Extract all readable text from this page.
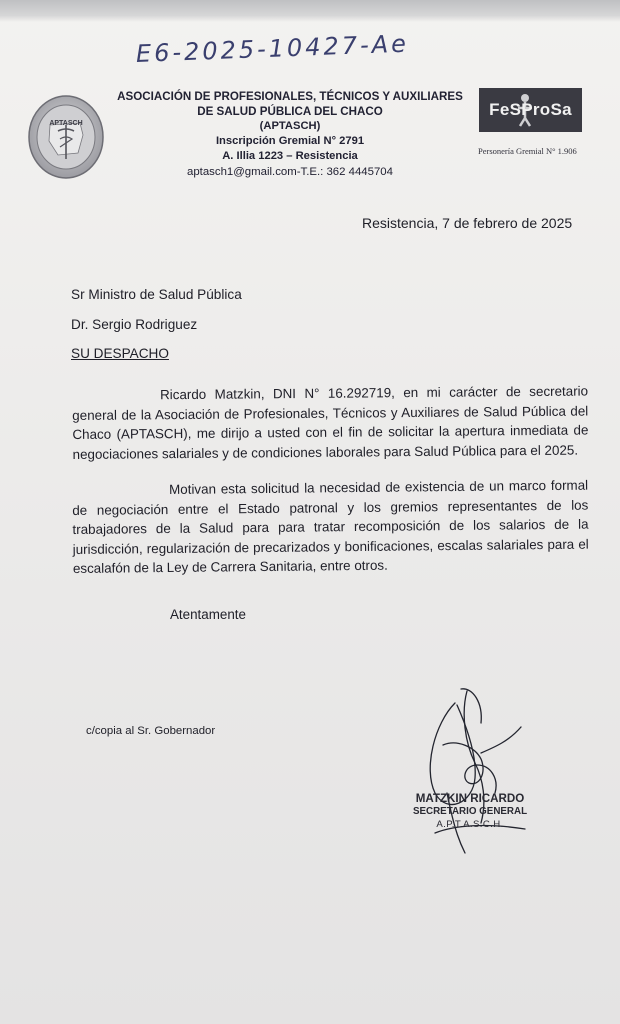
E6-2025-10427-Ae
APTASCH
ASOCIACIÓN DE PROFESIONALES, TÉCNICOS Y AUXILIARES
DE SALUD PÚBLICA DEL CHACO
(APTASCH)
Inscripción Gremial N° 2791
A. Illia 1223 – Resistencia
aptasch1@gmail.com-T.E.: 362 4445704
FeSProSa
Personería Gremial N° 1.906
Resistencia, 7 de febrero de 2025
Sr Ministro de Salud Pública
Dr. Sergio Rodriguez
SU DESPACHO
Ricardo Matzkin, DNI N° 16.292719, en mi carácter de secretario general de la Asociación de Profesionales, Técnicos y Auxiliares de Salud Pública del Chaco (APTASCH), me dirijo a usted con el fin de solicitar la apertura inmediata de negociaciones salariales y de condiciones laborales para Salud Pública para el 2025.
Motivan esta solicitud la necesidad de existencia de un marco formal de negociación entre el Estado patronal y los gremios representantes de los trabajadores de la Salud para para tratar recomposición de los salarios de la jurisdicción, regularización de precarizados y bonificaciones, escalas salariales para el escalafón de la Ley de Carrera Sanitaria, entre otros.
Atentamente
c/copia al Sr. Gobernador
MATZKIN RICARDO
SECRETARIO GENERAL
A.P.T.A.S.C.H.
